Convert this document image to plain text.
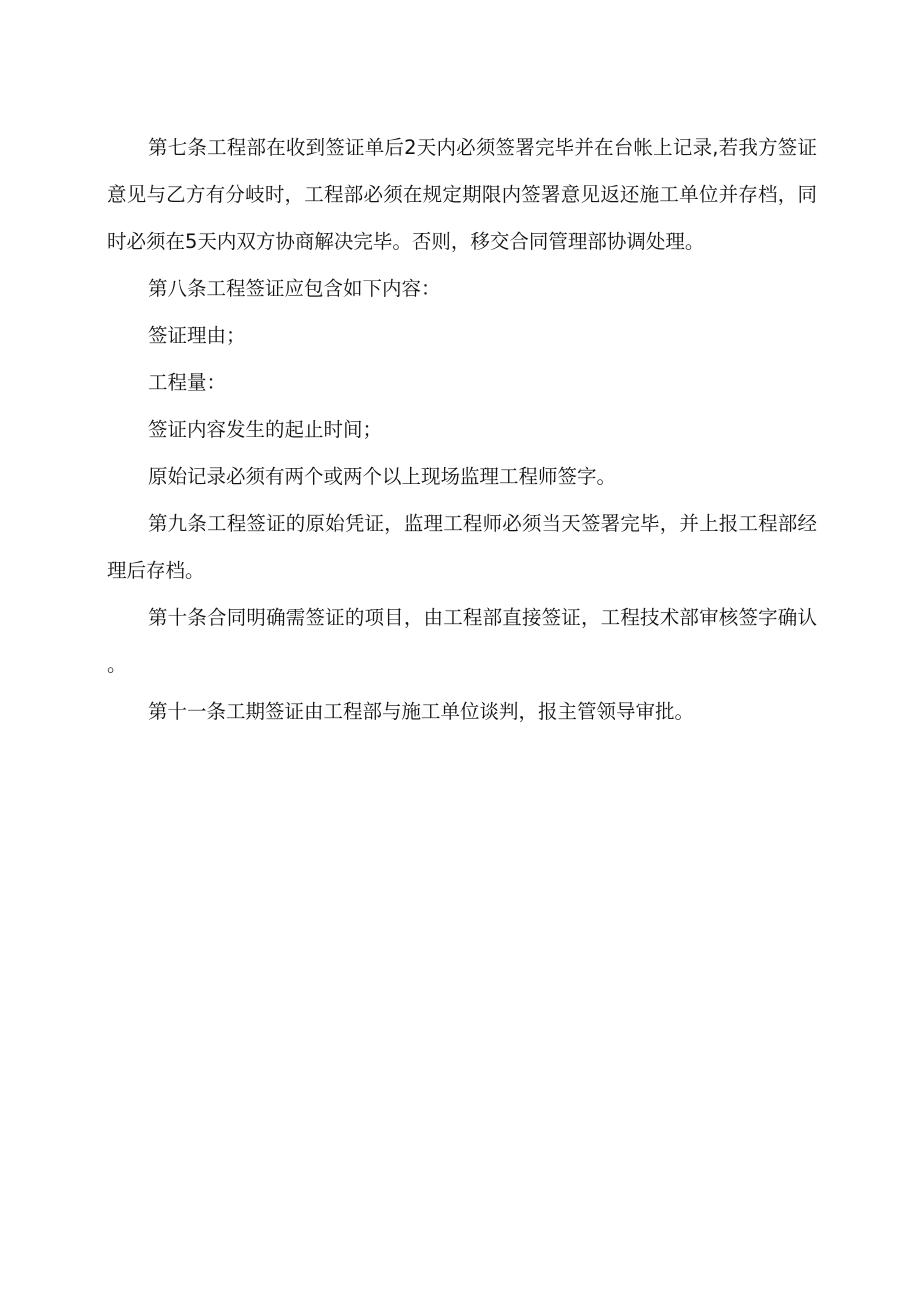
第七条工程部在收到签证单后2天内必须签署完毕并在台帐上记录,若我方签证意见与乙方有分岐时，工程部必须在规定期限内签署意见返还施工单位并存档，同时必须在5天内双方协商解决完毕。否则，移交合同管理部协调处理。

第八条工程签证应包含如下内容：

签证理由；

工程量：

签证内容发生的起止时间；

原始记录必须有两个或两个以上现场监理工程师签字。

第九条工程签证的原始凭证，监理工程师必须当天签署完毕，并上报工程部经理后存档。

第十条合同明确需签证的项目，由工程部直接签证，工程技术部审核签字确认。

第十一条工期签证由工程部与施工单位谈判，报主管领导审批。
